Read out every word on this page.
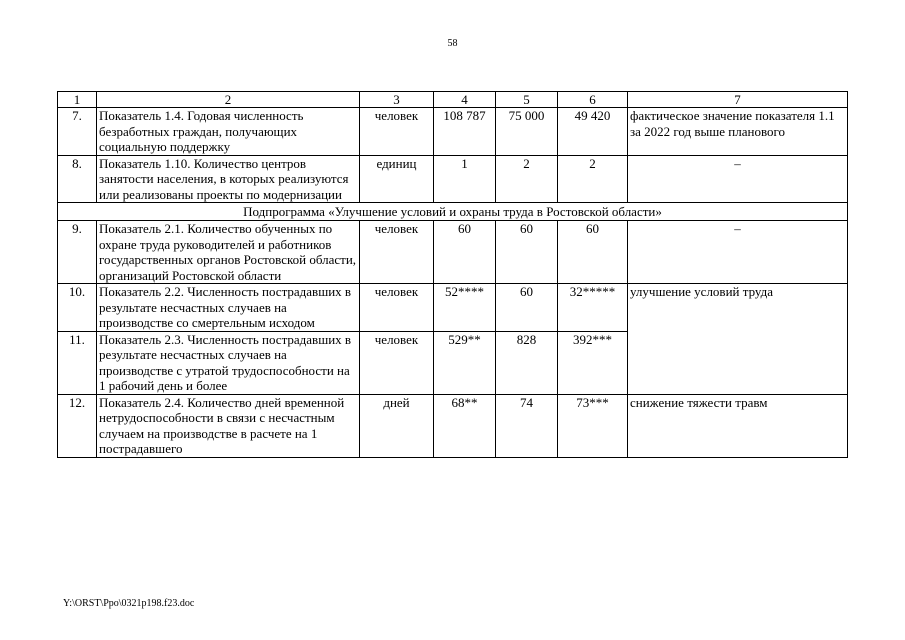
58
1	2	3	4	5	6	7
7.	Показатель 1.4. Годовая численность безработных граждан, получающих социальную поддержку	человек	108 787	75 000	49 420	фактическое значение показателя 1.1 за 2022 год выше планового
8.	Показатель 1.10. Количество центров занятости населения, в которых реализуются или реализованы проекты по модернизации	единиц	1	2	2	–
Подпрограмма «Улучшение условий и охраны труда в Ростовской области»						
9.	Показатель 2.1. Количество обученных по охране труда руководителей и работников государственных органов Ростовской области, организаций Ростовской области	человек	60	60	60	–
10.	Показатель 2.2. Численность пострадавших в результате несчастных случаев на производстве со смертельным исходом	человек	52****	60	32*****	улучшение условий труда
11.	Показатель 2.3. Численность пострадавших в результате несчастных случаев на производстве с утратой трудоспособности на 1 рабочий день и более	человек	529**	828	392***	
12.	Показатель 2.4. Количество дней временной нетрудоспособности в связи с несчастным случаем на производстве в расчете на 1 пострадавшего	дней	68**	74	73***	снижение тяжести травм
Y:\ORST\Ppo\0321p198.f23.doc
